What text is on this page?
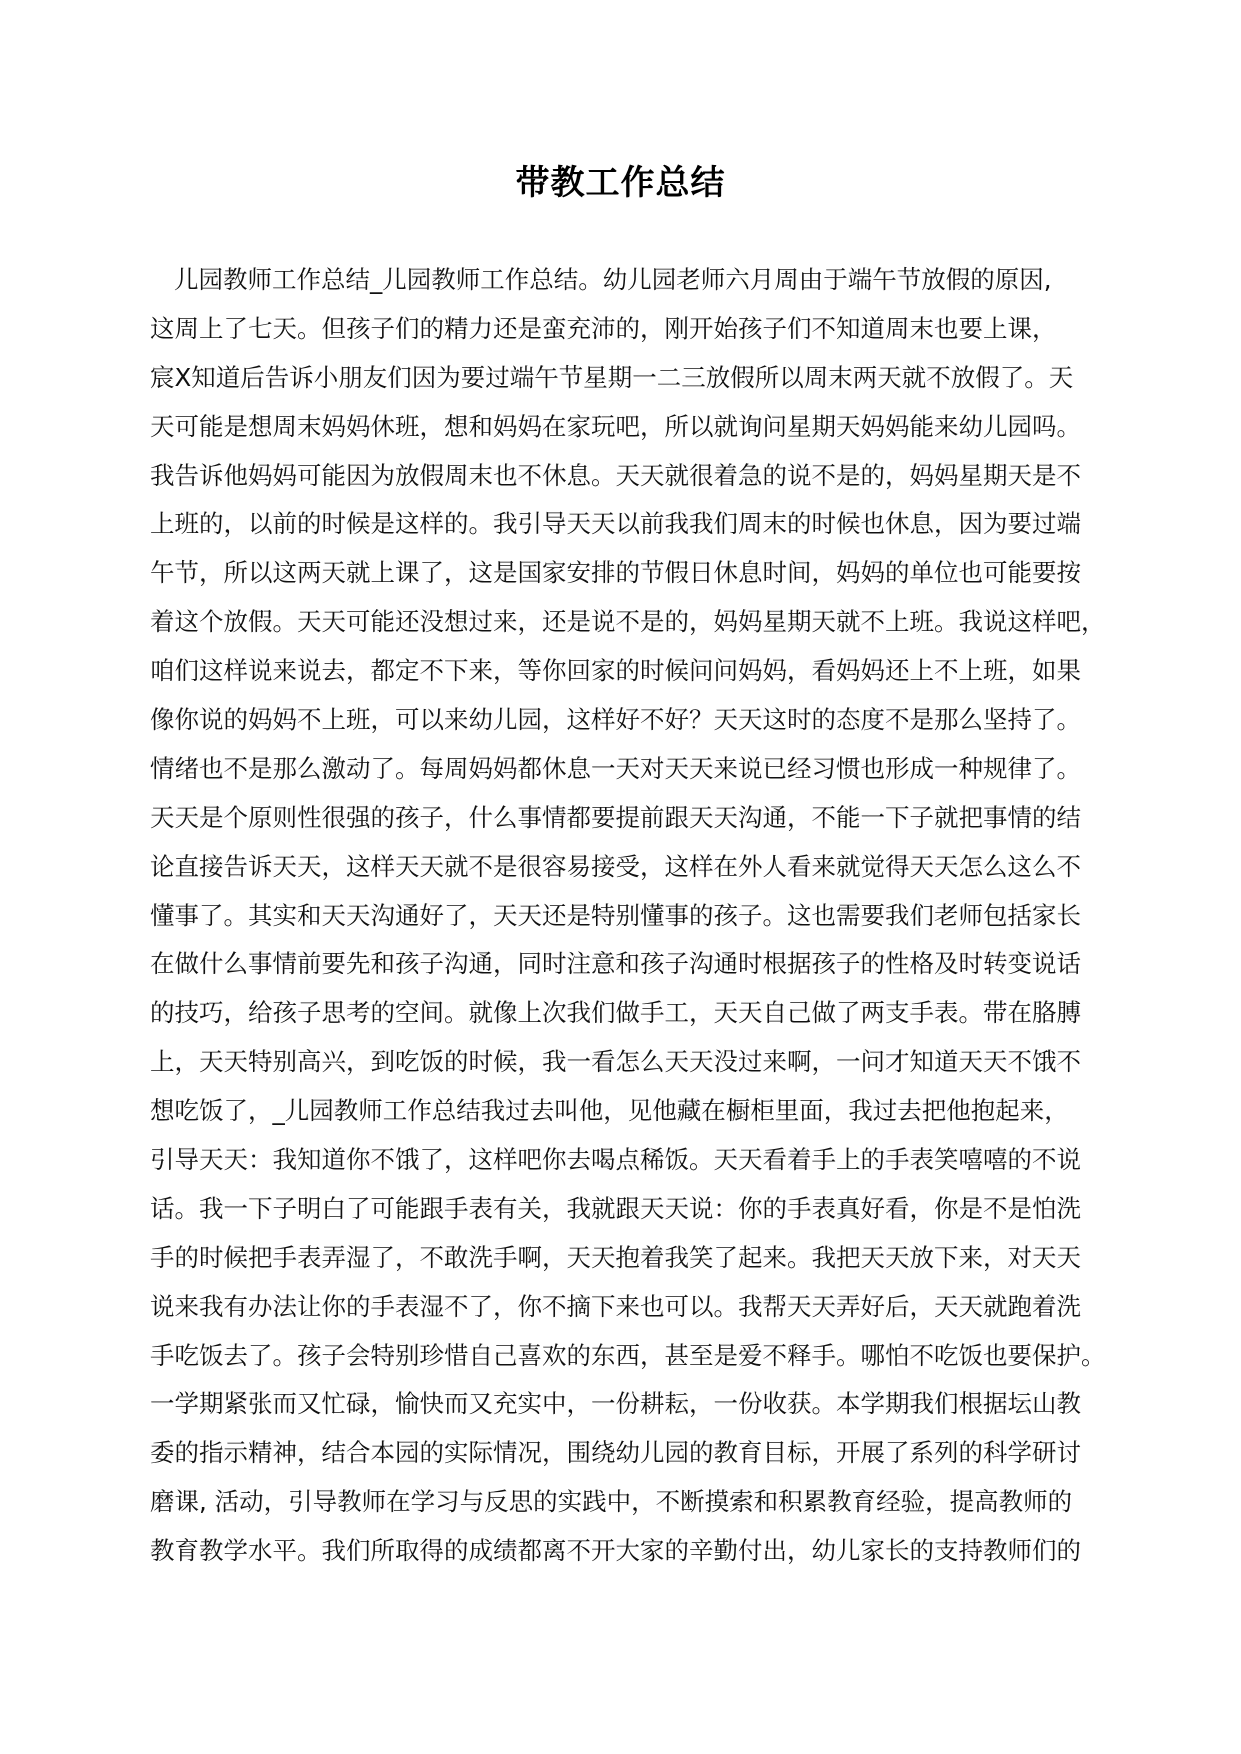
带教工作总结
儿园教师工作总结_儿园教师工作总结。幼儿园老师六月周由于端午节放假的原因,
这周上了七天。但孩子们的精力还是蛮充沛的，刚开始孩子们不知道周末也要上课，
宸Ⅹ知道后告诉小朋友们因为要过端午节星期一二三放假所以周末两天就不放假了。天
天可能是想周末妈妈休班，想和妈妈在家玩吧，所以就询问星期天妈妈能来幼儿园吗。
我告诉他妈妈可能因为放假周末也不休息。天天就很着急的说不是的，妈妈星期天是不
上班的，以前的时候是这样的。我引导天天以前我我们周末的时候也休息，因为要过端
午节，所以这两天就上课了，这是国家安排的节假日休息时间，妈妈的单位也可能要按
着这个放假。天天可能还没想过来，还是说不是的，妈妈星期天就不上班。我说这样吧，
咱们这样说来说去，都定不下来，等你回家的时候问问妈妈，看妈妈还上不上班，如果
像你说的妈妈不上班，可以来幼儿园，这样好不好？天天这时的态度不是那么坚持了。
情绪也不是那么激动了。每周妈妈都休息一天对天天来说已经习惯也形成一种规律了。
天天是个原则性很强的孩子，什么事情都要提前跟天天沟通，不能一下子就把事情的结
论直接告诉天天，这样天天就不是很容易接受，这样在外人看来就觉得天天怎么这么不
懂事了。其实和天天沟通好了，天天还是特别懂事的孩子。这也需要我们老师包括家长
在做什么事情前要先和孩子沟通，同时注意和孩子沟通时根据孩子的性格及时转变说话
的技巧，给孩子思考的空间。就像上次我们做手工，天天自己做了两支手表。带在胳膊
上，天天特别高兴，到吃饭的时候，我一看怎么天天没过来啊，一问才知道天天不饿不
想吃饭了，_儿园教师工作总结我过去叫他，见他藏在橱柜里面，我过去把他抱起来，
引导天天：我知道你不饿了，这样吧你去喝点稀饭。天天看着手上的手表笑嘻嘻的不说
话。我一下子明白了可能跟手表有关，我就跟天天说：你的手表真好看，你是不是怕洗
手的时候把手表弄湿了，不敢洗手啊，天天抱着我笑了起来。我把天天放下来，对天天
说来我有办法让你的手表湿不了，你不摘下来也可以。我帮天天弄好后，天天就跑着洗
手吃饭去了。孩子会特别珍惜自己喜欢的东西，甚至是爱不释手。哪怕不吃饭也要保护。
一学期紧张而又忙碌，愉快而又充实中，一份耕耘，一份收获。本学期我们根据坛山教
委的指示精神，结合本园的实际情况，围绕幼儿园的教育目标，开展了系列的科学研讨
磨课, 活动，引导教师在学习与反思的实践中，不断摸索和积累教育经验，提高教师的
教育教学水平。我们所取得的成绩都离不开大家的辛勤付出，幼儿家长的支持教师们的
